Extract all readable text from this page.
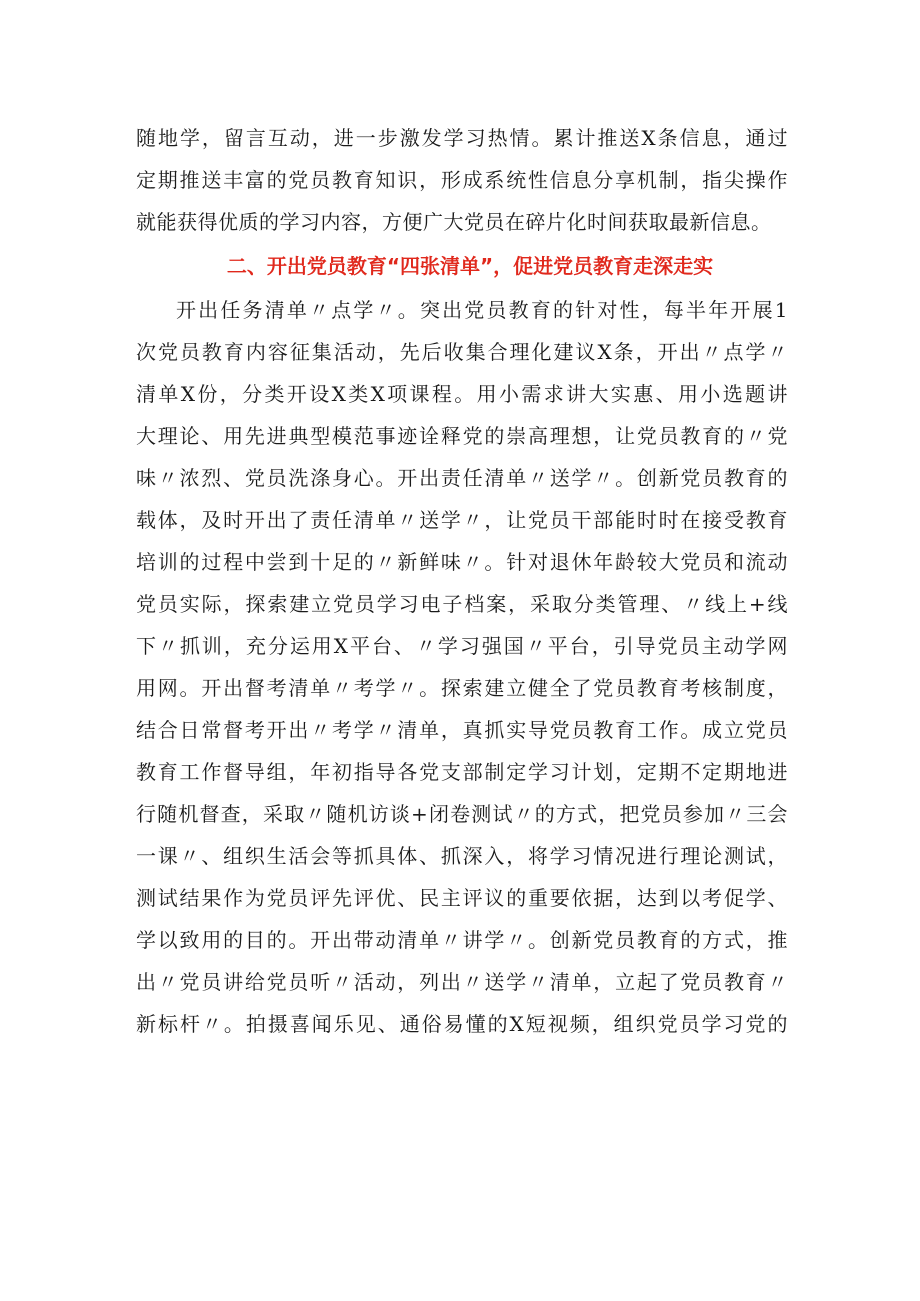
随地学，留言互动，进一步激发学习热情。累计推送X条信息，通过
定期推送丰富的党员教育知识，形成系统性信息分享机制，指尖操作
就能获得优质的学习内容，方便广大党员在碎片化时间获取最新信息。
二、开出党员教育“四张清单”，促进党员教育走深走实
开出任务清单〃点学〃。突出党员教育的针对性，每半年开展1
次党员教育内容征集活动，先后收集合理化建议X条，开出〃点学〃
清单X份，分类开设X类X项课程。用小需求讲大实惠、用小选题讲
大理论、用先进典型模范事迹诠释党的崇高理想，让党员教育的〃党
味〃浓烈、党员洗涤身心。开出责任清单〃送学〃。创新党员教育的
载体，及时开出了责任清单〃送学〃，让党员干部能时时在接受教育
培训的过程中尝到十足的〃新鲜味〃。针对退休年龄较大党员和流动
党员实际，探索建立党员学习电子档案，采取分类管理、〃线上+线
下〃抓训，充分运用X平台、〃学习强国〃平台，引导党员主动学网
用网。开出督考清单〃考学〃。探索建立健全了党员教育考核制度，
结合日常督考开出〃考学〃清单，真抓实导党员教育工作。成立党员
教育工作督导组，年初指导各党支部制定学习计划，定期不定期地进
行随机督查，采取〃随机访谈+闭卷测试〃的方式，把党员参加〃三会
一课〃、组织生活会等抓具体、抓深入，将学习情况进行理论测试，
测试结果作为党员评先评优、民主评议的重要依据，达到以考促学、
学以致用的目的。开出带动清单〃讲学〃。创新党员教育的方式，推
出〃党员讲给党员听〃活动，列出〃送学〃清单，立起了党员教育〃
新标杆〃。拍摄喜闻乐见、通俗易懂的X短视频，组织党员学习党的
